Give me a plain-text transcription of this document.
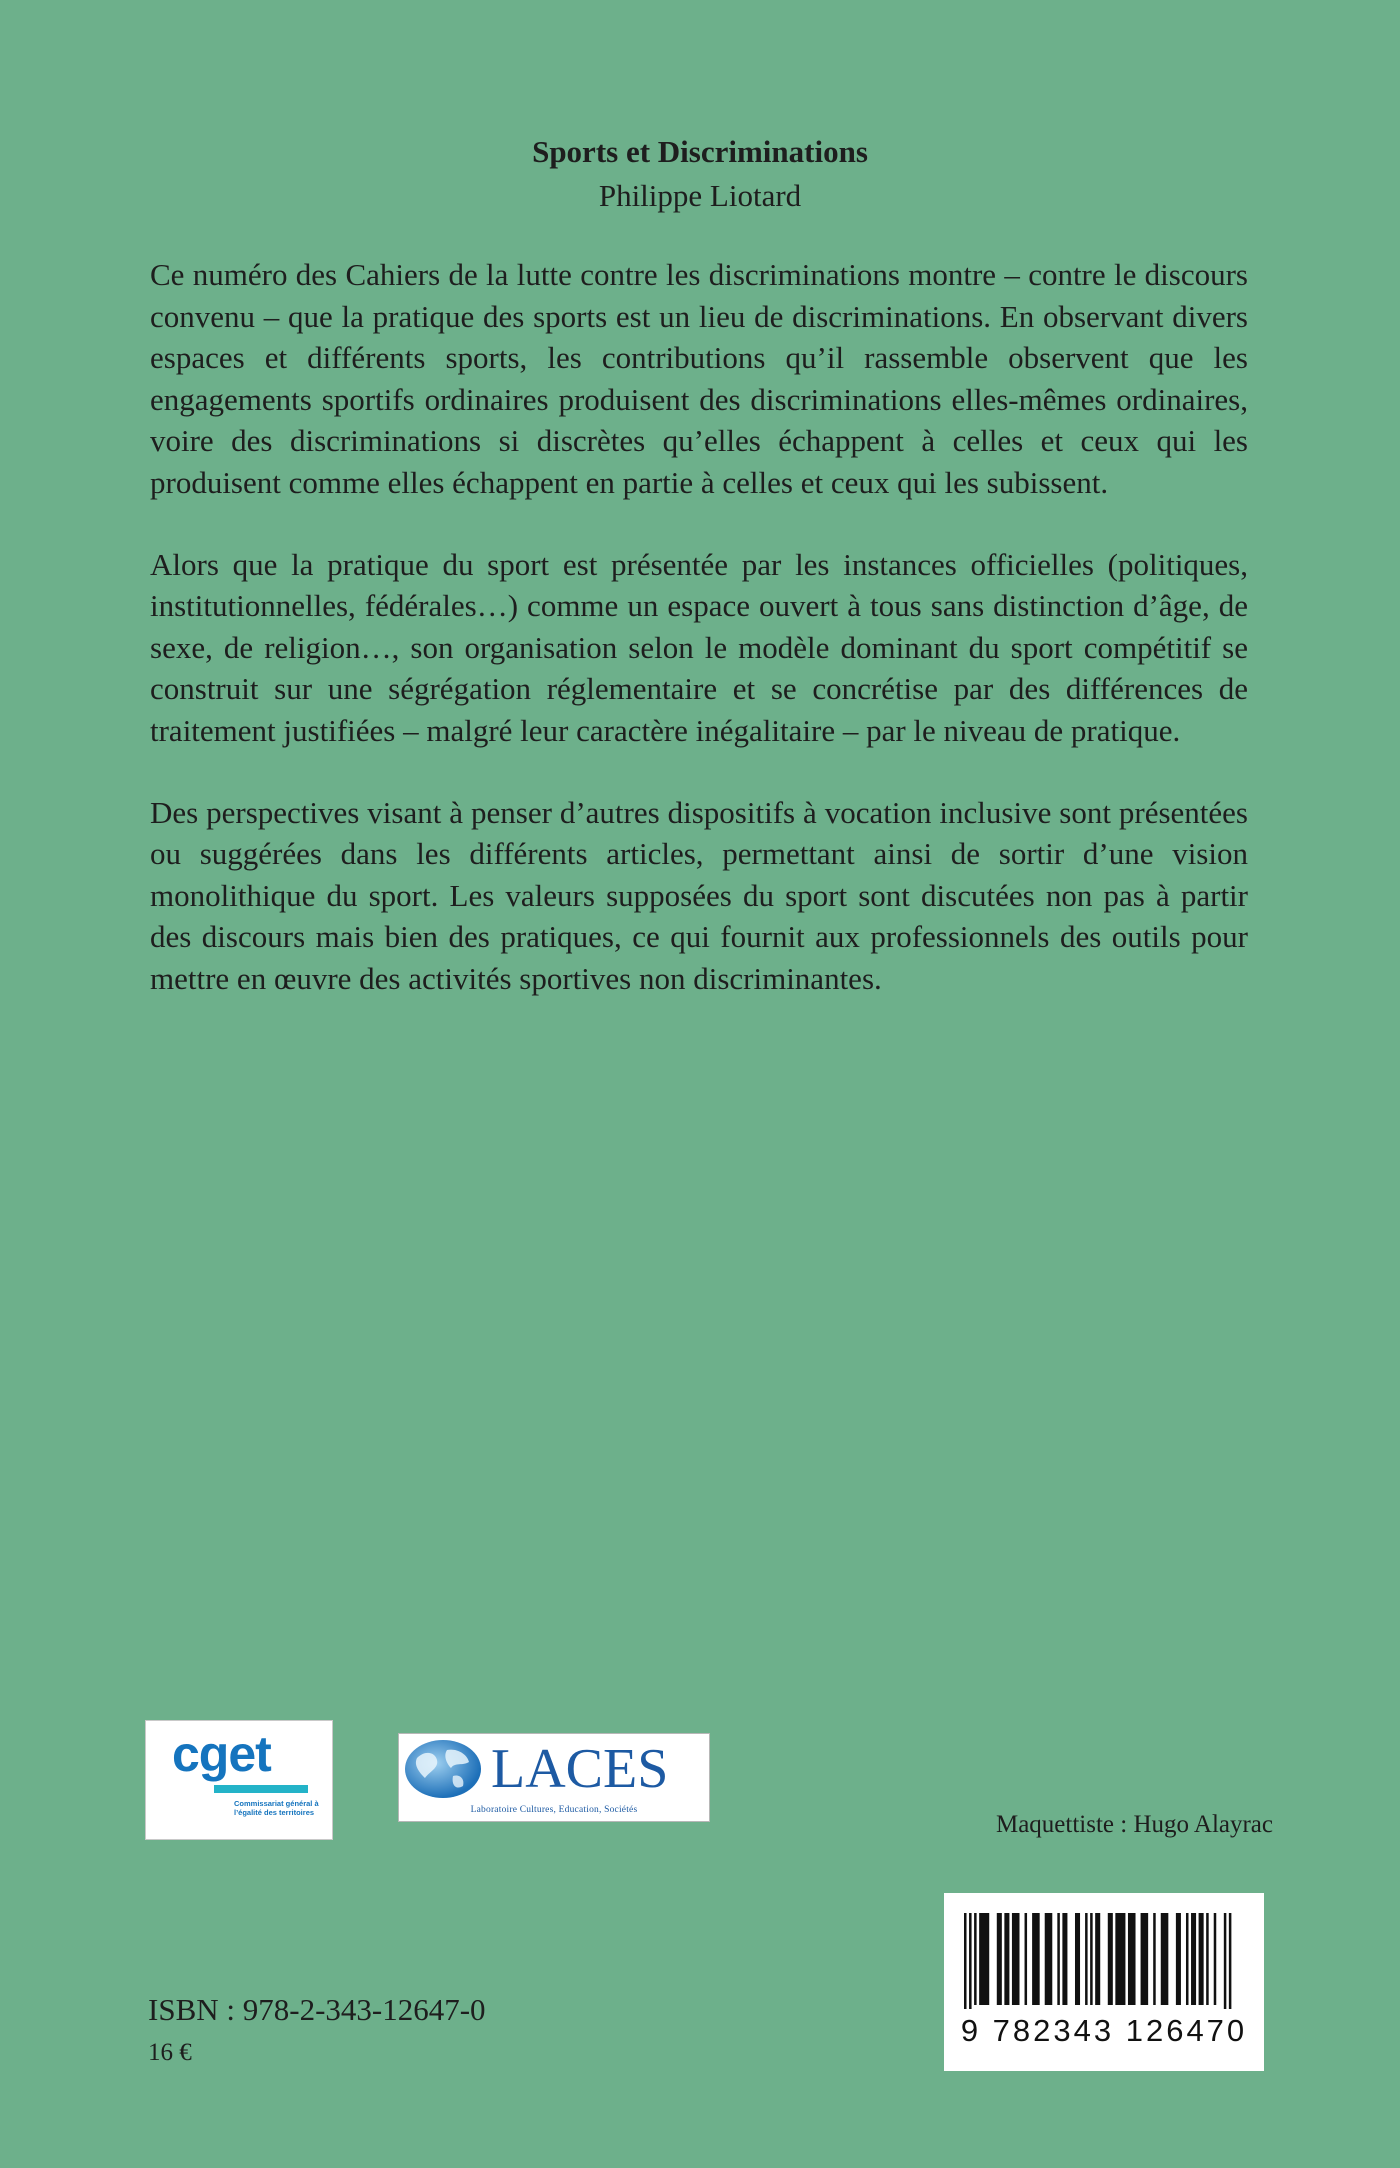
Sports et Discriminations
Philippe Liotard

Ce numéro des Cahiers de la lutte contre les discriminations montre – contre le discours convenu – que la pratique des sports est un lieu de discriminations. En observant divers espaces et différents sports, les contributions qu’il rassemble observent que les engagements sportifs ordinaires produisent des discriminations elles-mêmes ordinaires, voire des discriminations si discrètes qu’elles échappent à celles et ceux qui les produisent comme elles échappent en partie à celles et ceux qui les subissent.

Alors que la pratique du sport est présentée par les instances officielles (politiques, institutionnelles, fédérales…) comme un espace ouvert à tous sans distinction d’âge, de sexe, de religion…, son organisation selon le modèle dominant du sport compétitif se construit sur une ségrégation réglementaire et se concrétise par des différences de traitement justifiées – malgré leur caractère inégalitaire – par le niveau de pratique.

Des perspectives visant à penser d’autres dispositifs à vocation inclusive sont présentées ou suggérées dans les différents articles, permettant ainsi de sortir d’une vision monolithique du sport. Les valeurs supposées du sport sont discutées non pas à partir des discours mais bien des pratiques, ce qui fournit aux professionnels des outils pour mettre en œuvre des activités sportives non discriminantes.

cget
Commissariat général à l’égalité des territoires
LACES
Laboratoire Cultures, Education, Sociétés
Maquettiste : Hugo Alayrac
ISBN : 978-2-343-12647-0
16 €
9 782343 126470
